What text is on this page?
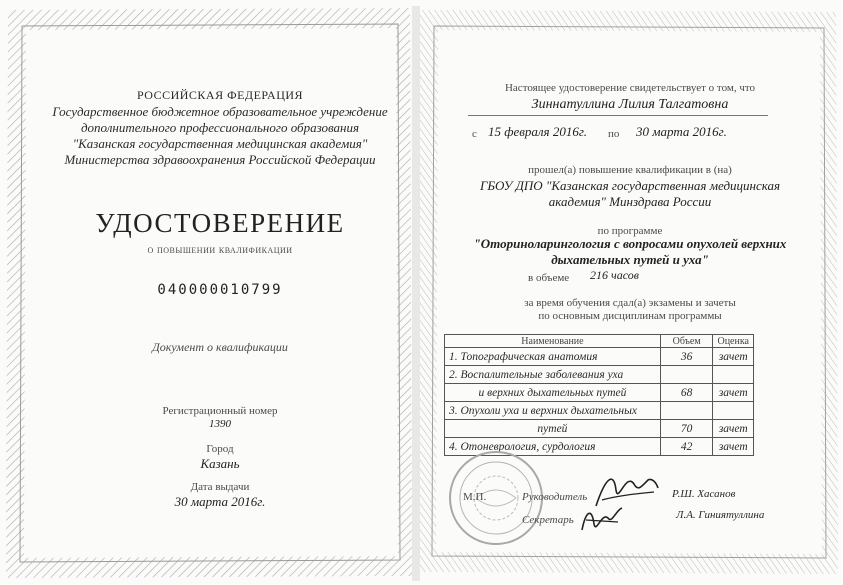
РОССИЙСКАЯ ФЕДЕРАЦИЯ
Государственное бюджетное образовательное учреждение
дополнительного профессионального образования
"Казанская государственная медицинская академия"
Министерства здравоохранения Российской Федерации
УДОСТОВЕРЕНИЕ
о повышении квалификации
040000010799
Документ о квалификации
Регистрационный номер
1390
Город
Казань
Дата выдачи
30 марта 2016г.
Настоящее удостоверение свидетельствует о том, что
Зиннатуллина Лилия Талгатовна
с 15 февраля 2016г. по 30 марта 2016г.
прошел(а) повышение квалификации в (на)
ГБОУ ДПО "Казанская государственная медицинская
академия" Минздрава России
по программе
"Оториноларингология с вопросами опухолей верхних
дыхательных путей и уха"
в объеме 216 часов
за время обучения сдал(а) экзамены и зачеты
по основным дисциплинам программы
Наименование	Объем	Оценка
1. Топографическая анатомия	36	зачет
2. Воспалительные заболевания уха		
и верхних дыхательных путей	68	зачет
3. Опухоли уха и верхних дыхательных		
путей	70	зачет
4. Отоневрология, сурдология	42	зачет
М.П.	Руководитель	Р.Ш. Хасанов
Секретарь	Л.А. Гиниятуллина
